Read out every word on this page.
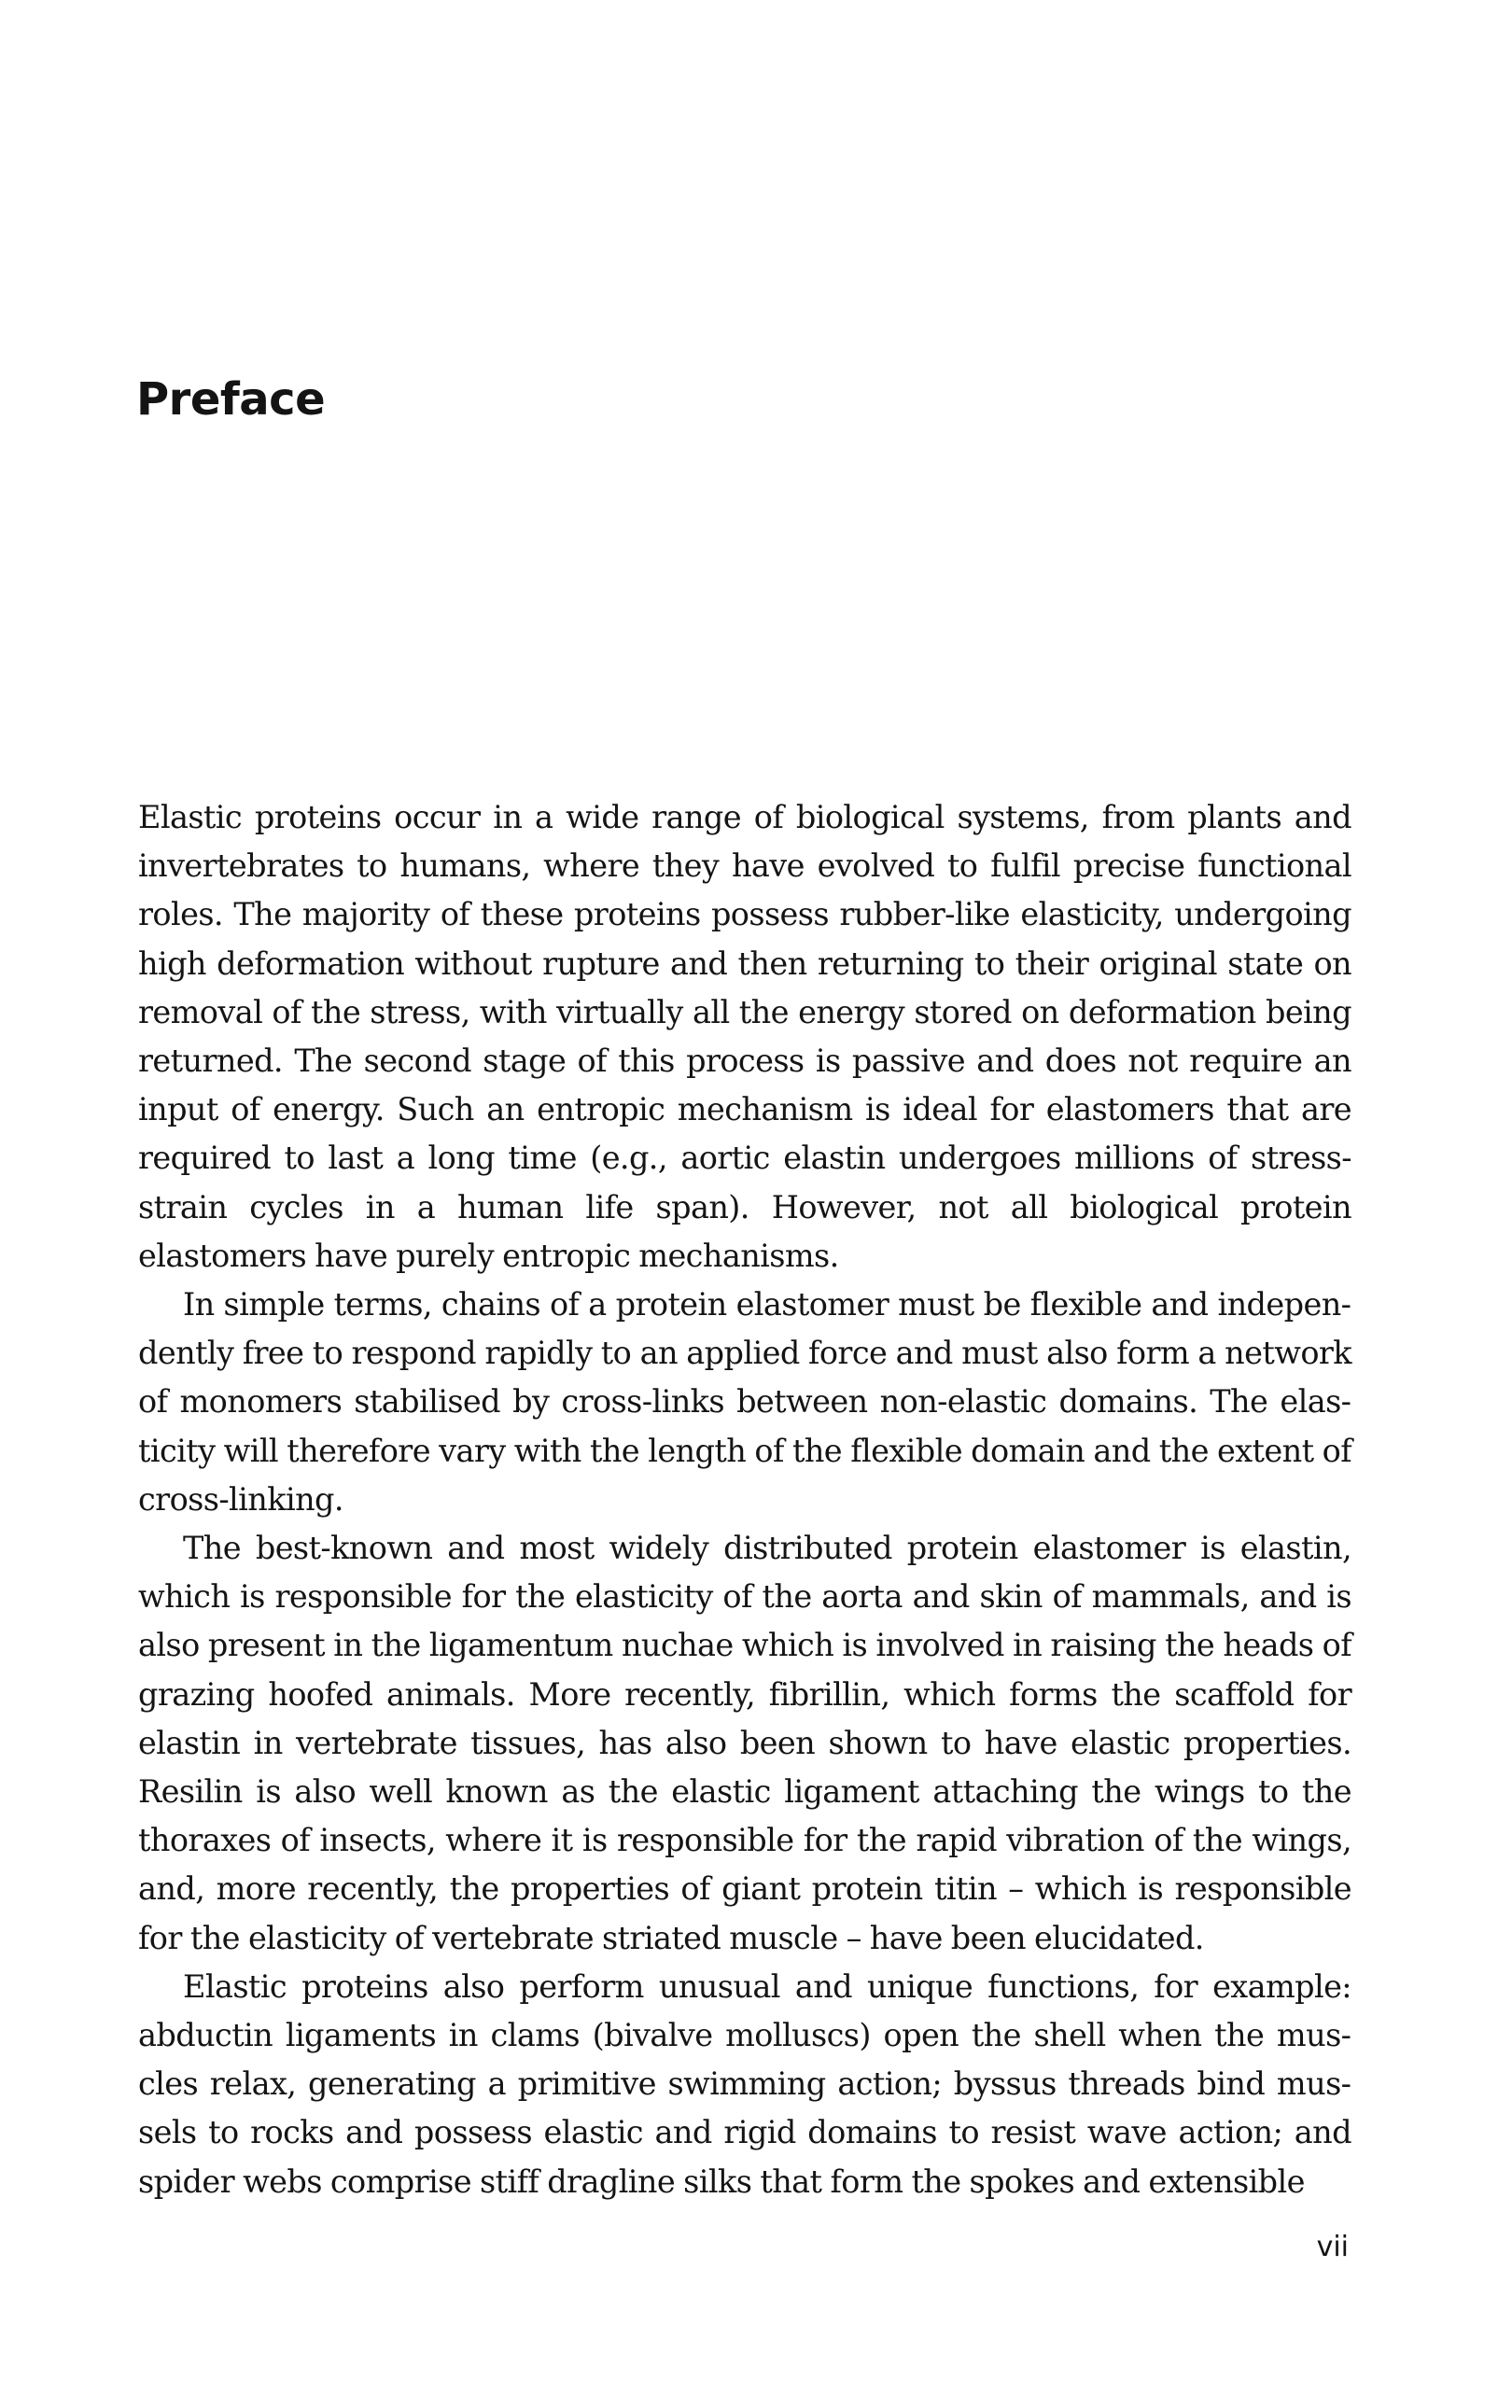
Preface

Elastic proteins occur in a wide range of biological systems, from plants and invertebrates to humans, where they have evolved to fulfil precise functional roles. The majority of these proteins possess rubber-like elasticity, undergoing high deformation without rupture and then returning to their original state on removal of the stress, with virtually all the energy stored on deformation being returned. The second stage of this process is passive and does not require an input of energy. Such an entropic mechanism is ideal for elastomers that are required to last a long time (e.g., aortic elastin undergoes millions of stress-strain cycles in a human life span). However, not all biological protein elastomers have purely entropic mechanisms.

In simple terms, chains of a protein elastomer must be flexible and independently free to respond rapidly to an applied force and must also form a network of monomers stabilised by cross-links between non-elastic domains. The elasticity will therefore vary with the length of the flexible domain and the extent of cross-linking.

The best-known and most widely distributed protein elastomer is elastin, which is responsible for the elasticity of the aorta and skin of mammals, and is also present in the ligamentum nuchae which is involved in raising the heads of grazing hoofed animals. More recently, fibrillin, which forms the scaffold for elastin in vertebrate tissues, has also been shown to have elastic properties. Resilin is also well known as the elastic ligament attaching the wings to the thoraxes of insects, where it is responsible for the rapid vibration of the wings, and, more recently, the properties of giant protein titin – which is responsible for the elasticity of vertebrate striated muscle – have been elucidated.

Elastic proteins also perform unusual and unique functions, for example: abductin ligaments in clams (bivalve molluscs) open the shell when the muscles relax, generating a primitive swimming action; byssus threads bind mussels to rocks and possess elastic and rigid domains to resist wave action; and spider webs comprise stiff dragline silks that form the spokes and extensible

vii
